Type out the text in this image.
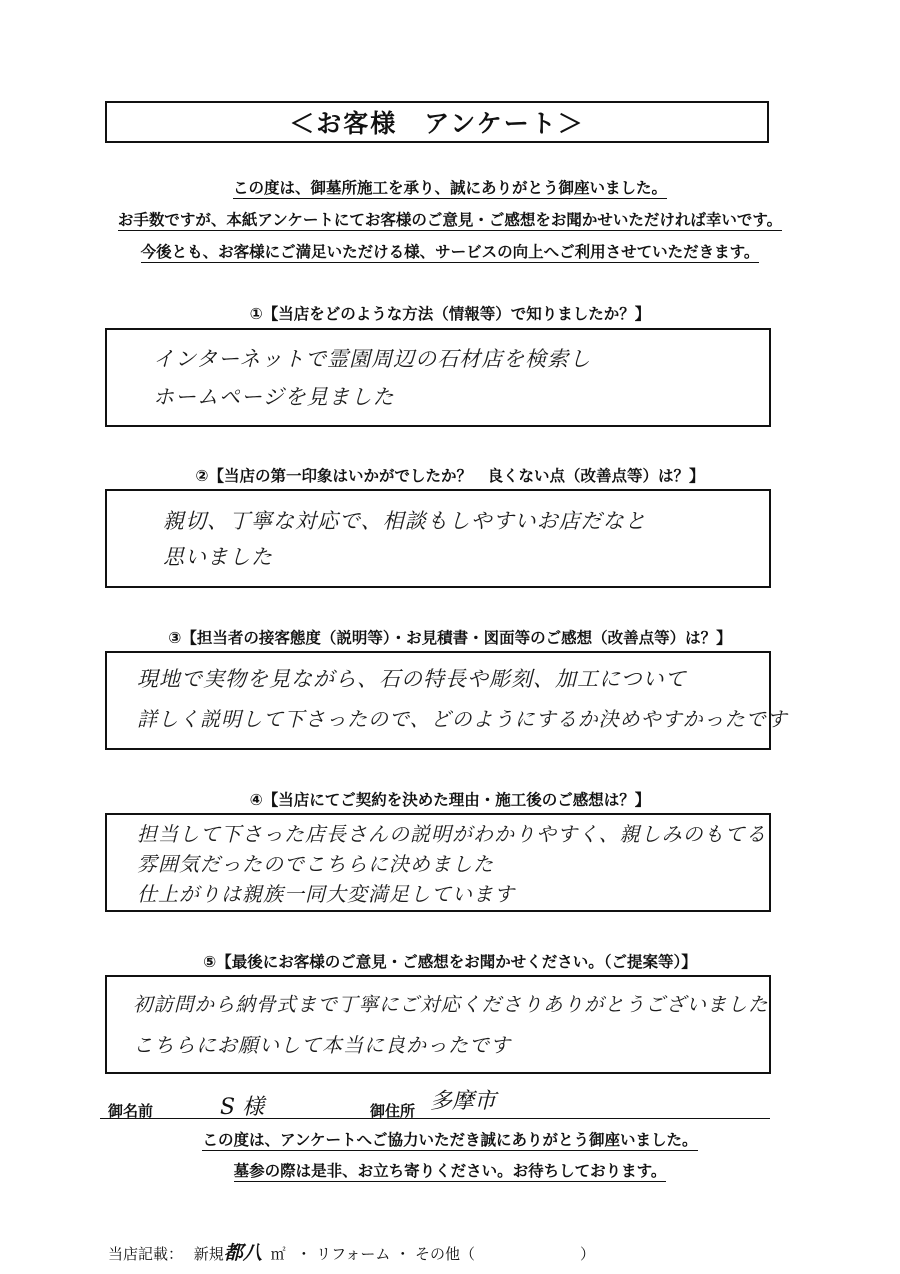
＜お客様　アンケート＞
この度は、御墓所施工を承り、誠にありがとう御座いました。
お手数ですが、本紙アンケートにてお客様のご意見・ご感想をお聞かせいただければ幸いです。
今後とも、お客様にご満足いただける様、サービスの向上へご利用させていただきます。
①【当店をどのような方法（情報等）で知りましたか？】
インターネットで霊園周辺の石材店を検索し
ホームページを見ました
②【当店の第一印象はいかがでしたか？　良くない点（改善点等）は？】
親切、丁寧な対応で、相談もしやすいお店だなと
思いました
③【担当者の接客態度（説明等）・お見積書・図面等のご感想（改善点等）は？】
現地で実物を見ながら、石の特長や彫刻、加工について
詳しく説明して下さったので、どのようにするか決めやすかったです
④【当店にてご契約を決めた理由・施工後のご感想は？】
担当して下さった店長さんの説明がわかりやすく、親しみのもてる
雰囲気だったのでこちらに決めました
仕上がりは親族一同大変満足しています
⑤【最後にお客様のご意見・ご感想をお聞かせください。（ご提案等）】
初訪問から納骨式まで丁寧にご対応くださりありがとうございました
こちらにお願いして本当に良かったです
御名前	S 様	御住所 多摩市
この度は、アンケートへご協力いただき誠にありがとう御座いました。
墓参の際は是非、お立ち寄りください。お待ちしております。
当店記載： 新規都八 ㎡ ・ リフォーム ・ その他（　　　　　　　）
